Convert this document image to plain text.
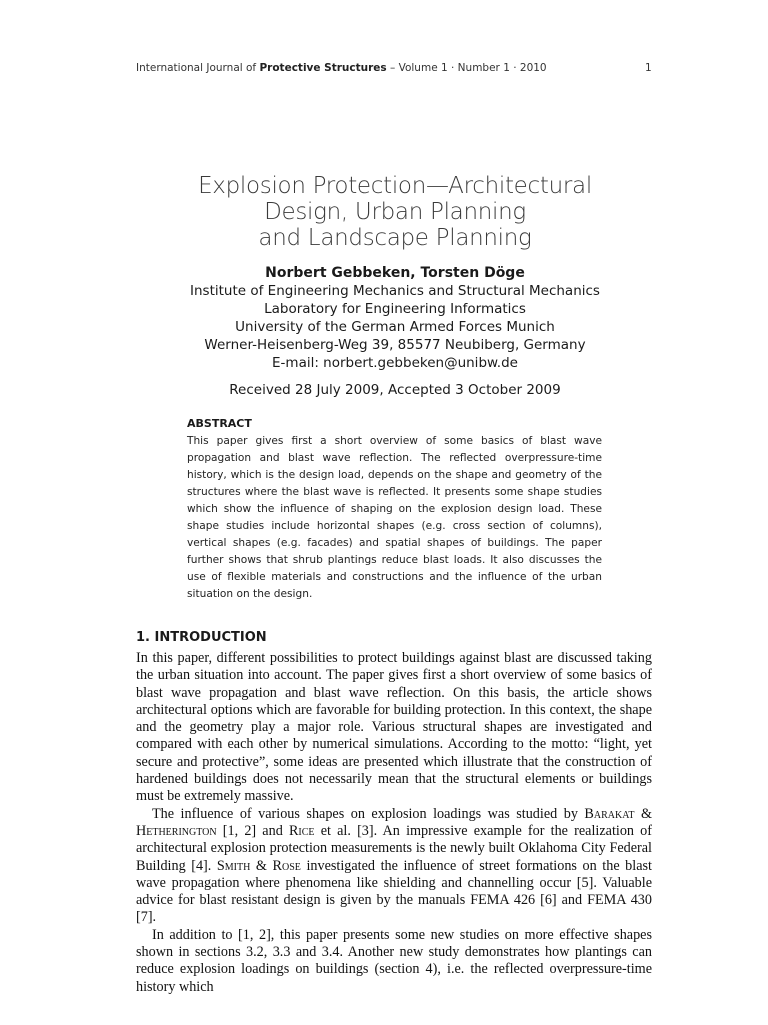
International Journal of Protective Structures – Volume 1 · Number 1 · 2010	1
Explosion Protection—Architectural
Design, Urban Planning
and Landscape Planning
Norbert Gebbeken, Torsten Döge
Institute of Engineering Mechanics and Structural Mechanics
Laboratory for Engineering Informatics
University of the German Armed Forces Munich
Werner-Heisenberg-Weg 39, 85577 Neubiberg, Germany
E-mail: norbert.gebbeken@unibw.de
Received 28 July 2009, Accepted 3 October 2009
ABSTRACT
This paper gives first a short overview of some basics of blast wave propagation and blast wave reflection. The reflected overpressure-time history, which is the design load, depends on the shape and geometry of the structures where the blast wave is reflected. It presents some shape studies which show the influence of shaping on the explosion design load. These shape studies include horizontal shapes (e.g. cross section of columns), vertical shapes (e.g. facades) and spatial shapes of buildings. The paper further shows that shrub plantings reduce blast loads. It also discusses the use of flexible materials and constructions and the influence of the urban situation on the design.
1. INTRODUCTION

In this paper, different possibilities to protect buildings against blast are discussed taking the urban situation into account. The paper gives first a short overview of some basics of blast wave propagation and blast wave reflection. On this basis, the article shows architectural options which are favorable for building protection. In this context, the shape and the geometry play a major role. Various structural shapes are investigated and compared with each other by numerical simulations. According to the motto: “light, yet secure and protective”, some ideas are presented which illustrate that the construction of hardened buildings does not necessarily mean that the structural elements or buildings must be extremely massive.

The influence of various shapes on explosion loadings was studied by Barakat & Hetherington [1, 2] and Rice et al. [3]. An impressive example for the realization of architectural explosion protection measurements is the newly built Oklahoma City Federal Building [4]. Smith & Rose investigated the influence of street formations on the blast wave propagation where phenomena like shielding and channelling occur [5]. Valuable advice for blast resistant design is given by the manuals FEMA 426 [6] and FEMA 430 [7].

In addition to [1, 2], this paper presents some new studies on more effective shapes shown in sections 3.2, 3.3 and 3.4. Another new study demonstrates how plantings can reduce explosion loadings on buildings (section 4), i.e. the reflected overpressure-time history which
